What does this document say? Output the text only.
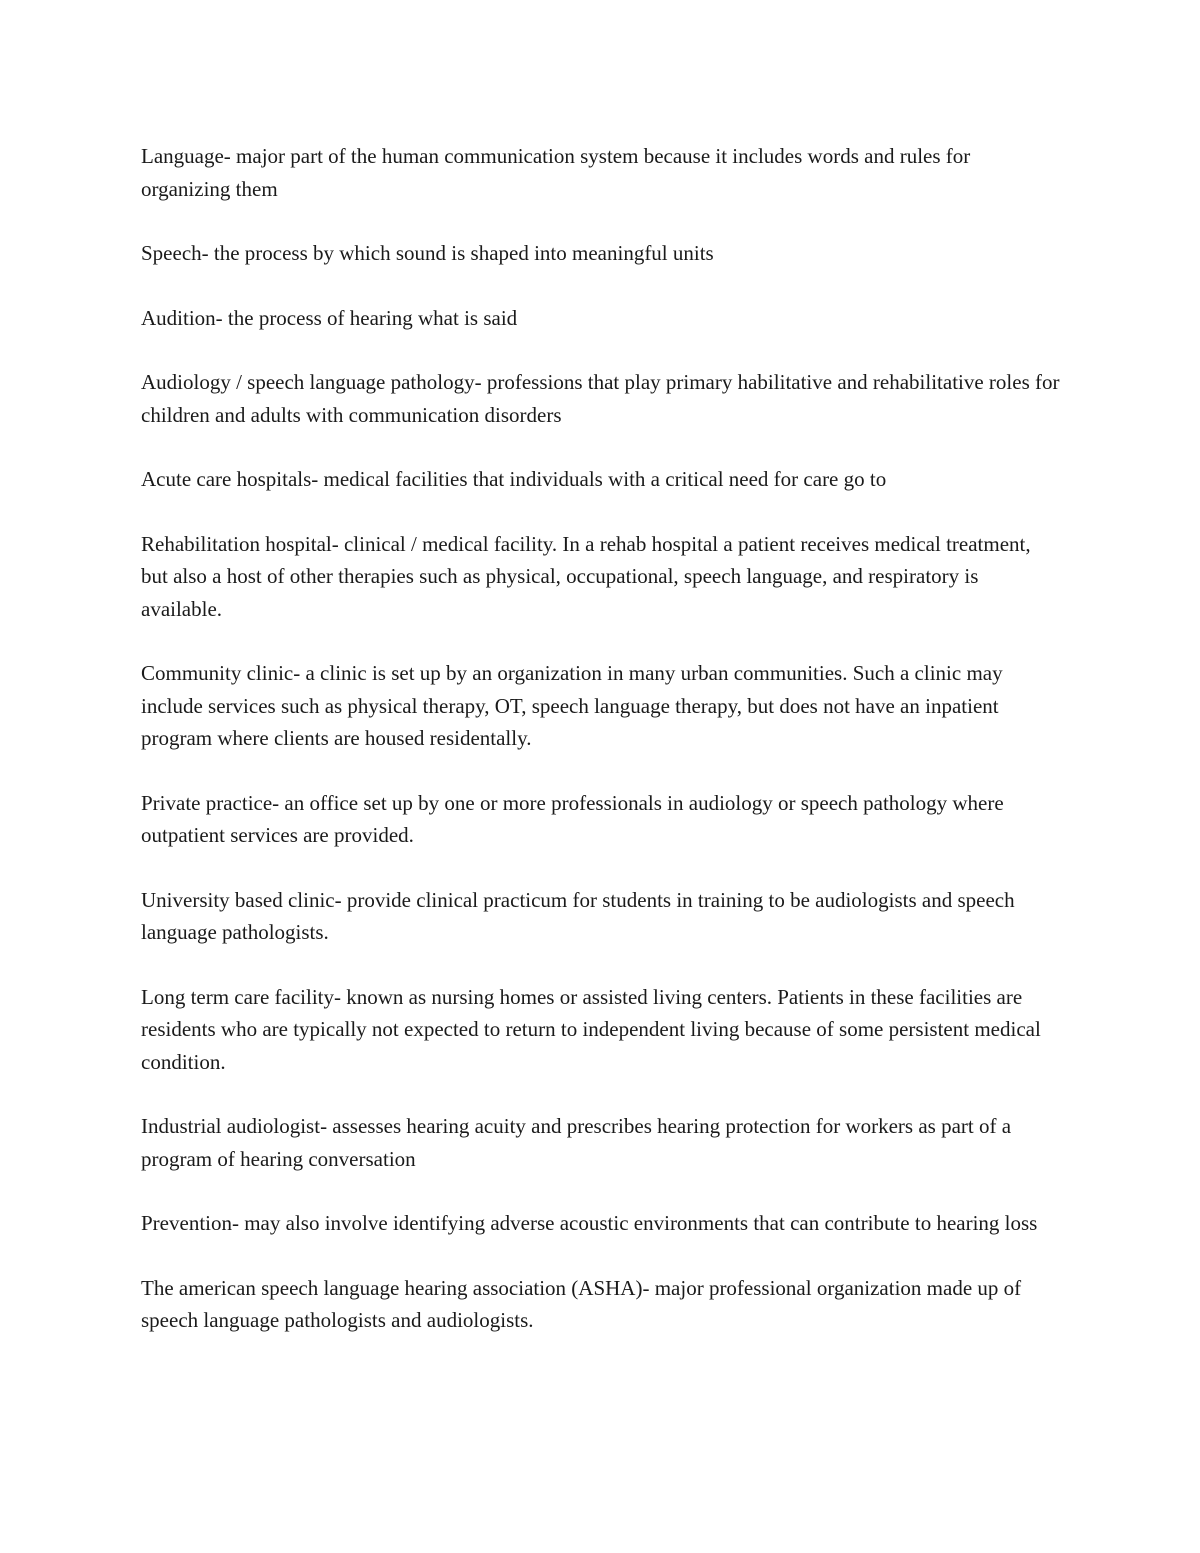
Language- major part of the human communication system because it includes words and rules for organizing them

Speech- the process by which sound is shaped into meaningful units

Audition- the process of hearing what is said

Audiology / speech language pathology- professions that play primary habilitative and rehabilitative roles for children and adults with communication disorders

Acute care hospitals- medical facilities that individuals with a critical need for care go to

Rehabilitation hospital- clinical / medical facility. In a rehab hospital a patient receives medical treatment, but also a host of other therapies such as physical, occupational, speech language, and respiratory is available.

Community clinic- a clinic is set up by an organization in many urban communities. Such a clinic may include services such as physical therapy, OT, speech language therapy, but does not have an inpatient program where clients are housed residentally.

Private practice- an office set up by one or more professionals in audiology or speech pathology where outpatient services are provided.

University based clinic- provide clinical practicum for students in training to be audiologists and speech language pathologists.

Long term care facility- known as nursing homes or assisted living centers. Patients in these facilities are residents who are typically not expected to return to independent living because of some persistent medical condition.

Industrial audiologist- assesses hearing acuity and prescribes hearing protection for workers as part of a program of hearing conversation

Prevention- may also involve identifying adverse acoustic environments that can contribute to hearing loss

The american speech language hearing association (ASHA)- major professional organization made up of speech language pathologists and audiologists.
